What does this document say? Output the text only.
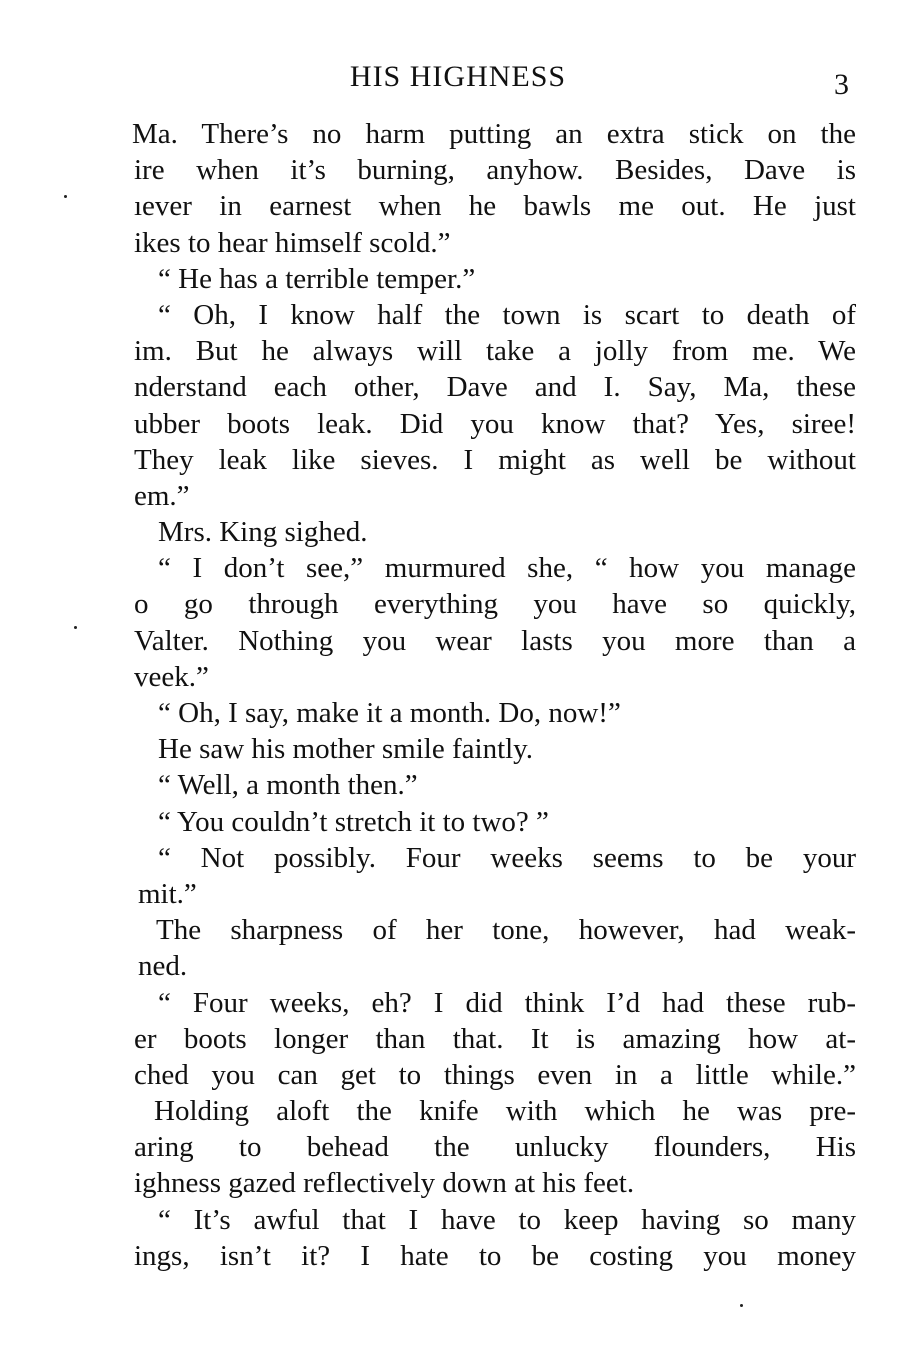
HIS HIGHNESS	3
Ma. There’s no harm putting an extra stick on the
ire when it’s burning, anyhow. Besides, Dave is
ıever in earnest when he bawls me out. He just
ikes to hear himself scold.”
“ He has a terrible temper.”
“ Oh, I know half the town is scart to death of
im. But he always will take a jolly from me. We
nderstand each other, Dave and I. Say, Ma, these
ubber boots leak. Did you know that? Yes, siree!
They leak like sieves. I might as well be without
em.”
Mrs. King sighed.
“ I don’t see,” murmured she, “ how you manage
o go through everything you have so quickly,
Valter. Nothing you wear lasts you more than a
veek.”
“ Oh, I say, make it a month. Do, now!”
He saw his mother smile faintly.
“ Well, a month then.”
“ You couldn’t stretch it to two? ”
“ Not possibly. Four weeks seems to be your
mit.”
The sharpness of her tone, however, had weak-
ned.
“ Four weeks, eh? I did think I’d had these rub-
er boots longer than that. It is amazing how at-
ched you can get to things even in a little while.”
Holding aloft the knife with which he was pre-
aring to behead the unlucky flounders, His
ighness gazed reflectively down at his feet.
“ It’s awful that I have to keep having so many
ings, isn’t it? I hate to be costing you money
